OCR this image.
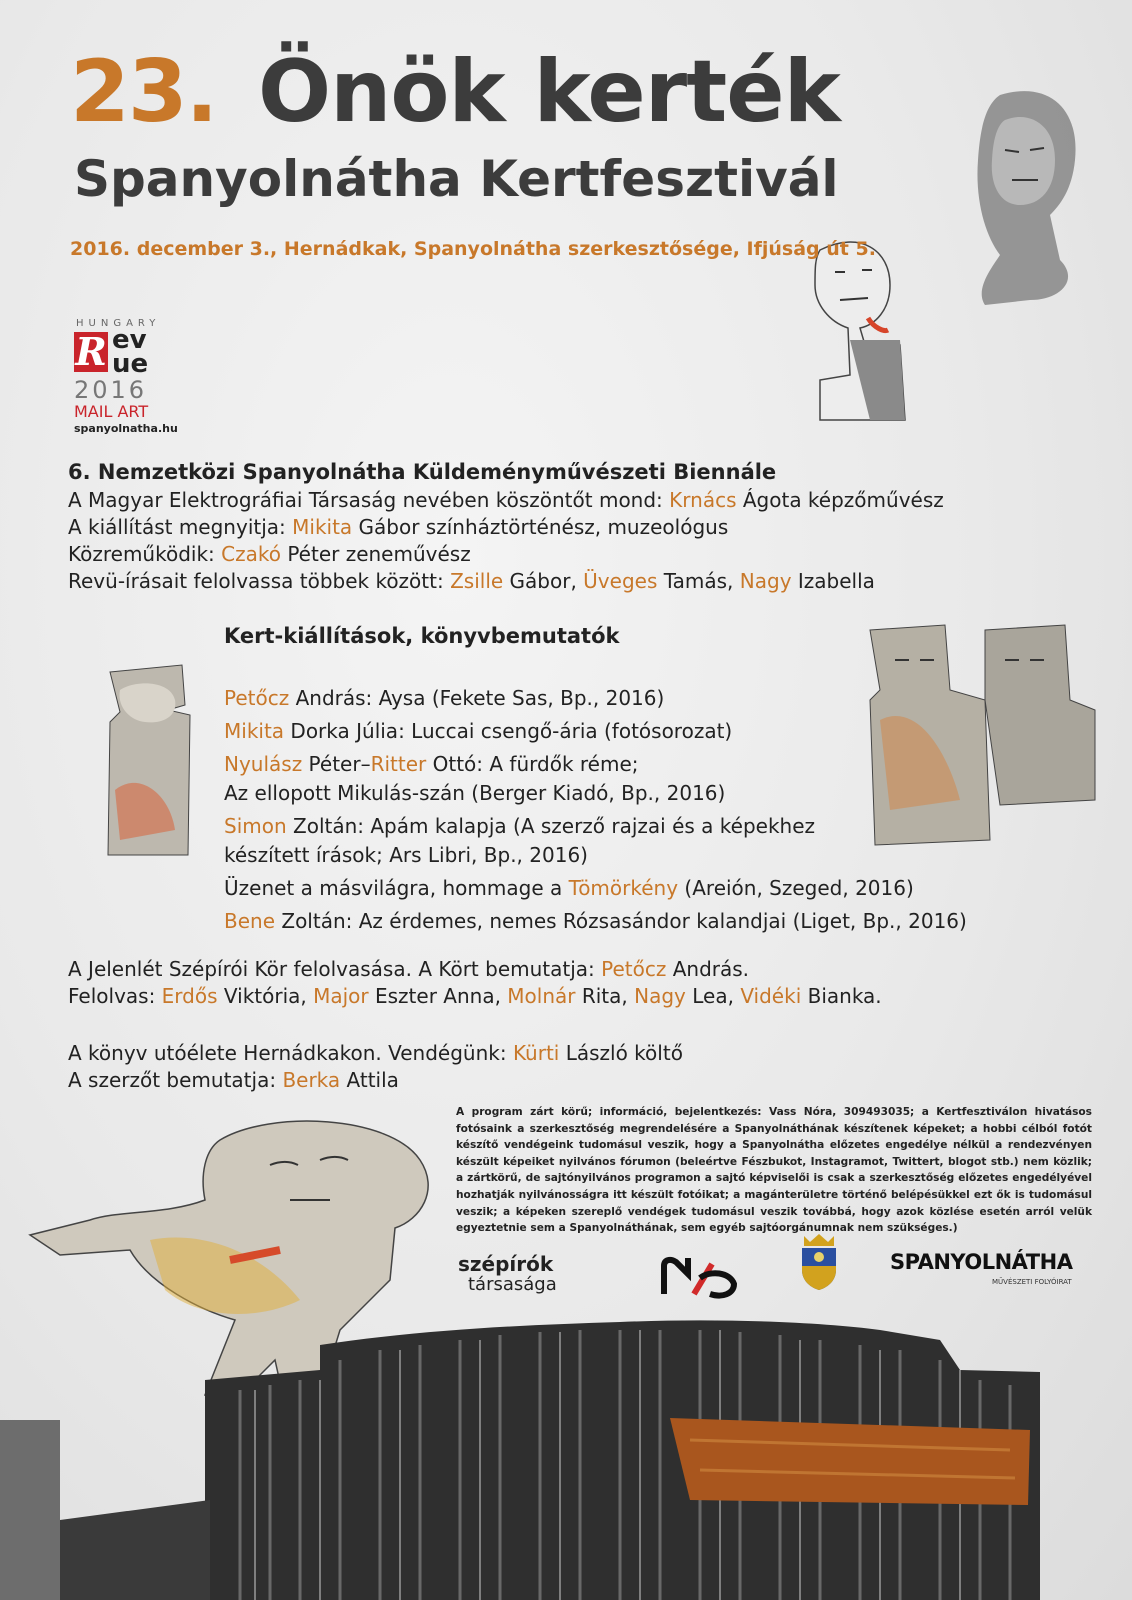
23. Önök kerték
Spanyolnátha Kertfesztivál
2016. december 3., Hernádkak, Spanyolnátha szerkesztősége, Ifjúság út 5.
HUNGARY
R ev
ue
2016
MAIL ART
spanyolnatha.hu
6. Nemzetközi Spanyolnátha Küldeményművészeti Biennále
A Magyar Elektrográfiai Társaság nevében köszöntőt mond: Krnács Ágota képzőművész
A kiállítást megnyitja: Mikita Gábor színháztörténész, muzeológus
Közreműködik: Czakó Péter zeneművész
Revü-írásait felolvassa többek között: Zsille Gábor, Üveges Tamás, Nagy Izabella
Kert-kiállítások, könyvbemutatók
Petőcz András: Aysa (Fekete Sas, Bp., 2016)
Mikita Dorka Júlia: Luccai csengő-ária (fotósorozat)
Nyulász Péter–Ritter Ottó: A fürdők réme;
Az ellopott Mikulás-szán (Berger Kiadó, Bp., 2016)
Simon Zoltán: Apám kalapja (A szerző rajzai és a képekhez
készített írások; Ars Libri, Bp., 2016)
Üzenet a másvilágra, hommage a Tömörkény (Areión, Szeged, 2016)
Bene Zoltán: Az érdemes, nemes Rózsasándor kalandjai (Liget, Bp., 2016)
A Jelenlét Szépírói Kör felolvasása. A Kört bemutatja: Petőcz András.
Felolvas: Erdős Viktória, Major Eszter Anna, Molnár Rita, Nagy Lea, Vidéki Bianka.
A könyv utóélete Hernádkakon. Vendégünk: Kürti László költő
A szerzőt bemutatja: Berka Attila
A program zárt körű; információ, bejelentkezés: Vass Nóra, 309493035; a Kertfesztiválon hivatásos fotósaink a szerkesztőség megrendelésére a Spanyolnáthának készítenek képeket; a hobbi célból fotót készítő vendégeink tudomásul veszik, hogy a Spanyolnátha előzetes engedélye nélkül a rendezvényen készült képeiket nyilvános fórumon (beleértve Fészbukot, Instagramot, Twittert, blogot stb.) nem közlik; a zártkörű, de sajtónyilvános programon a sajtó képviselői is csak a szerkesztőség előzetes engedélyével hozhatják nyilvánosságra itt készült fotóikat; a magánterületre történő belépésükkel ezt ők is tudomásul veszik; a képeken szereplő vendégek tudomásul veszik továbbá, hogy azok közlése esetén arról velük egyeztetnie sem a Spanyolnáthának, sem egyéb sajtóorgánumnak nem szükséges.)
szépírók
társasága
SPANYOLNÁTHA
MŰVÉSZETI FOLYÓIRAT
